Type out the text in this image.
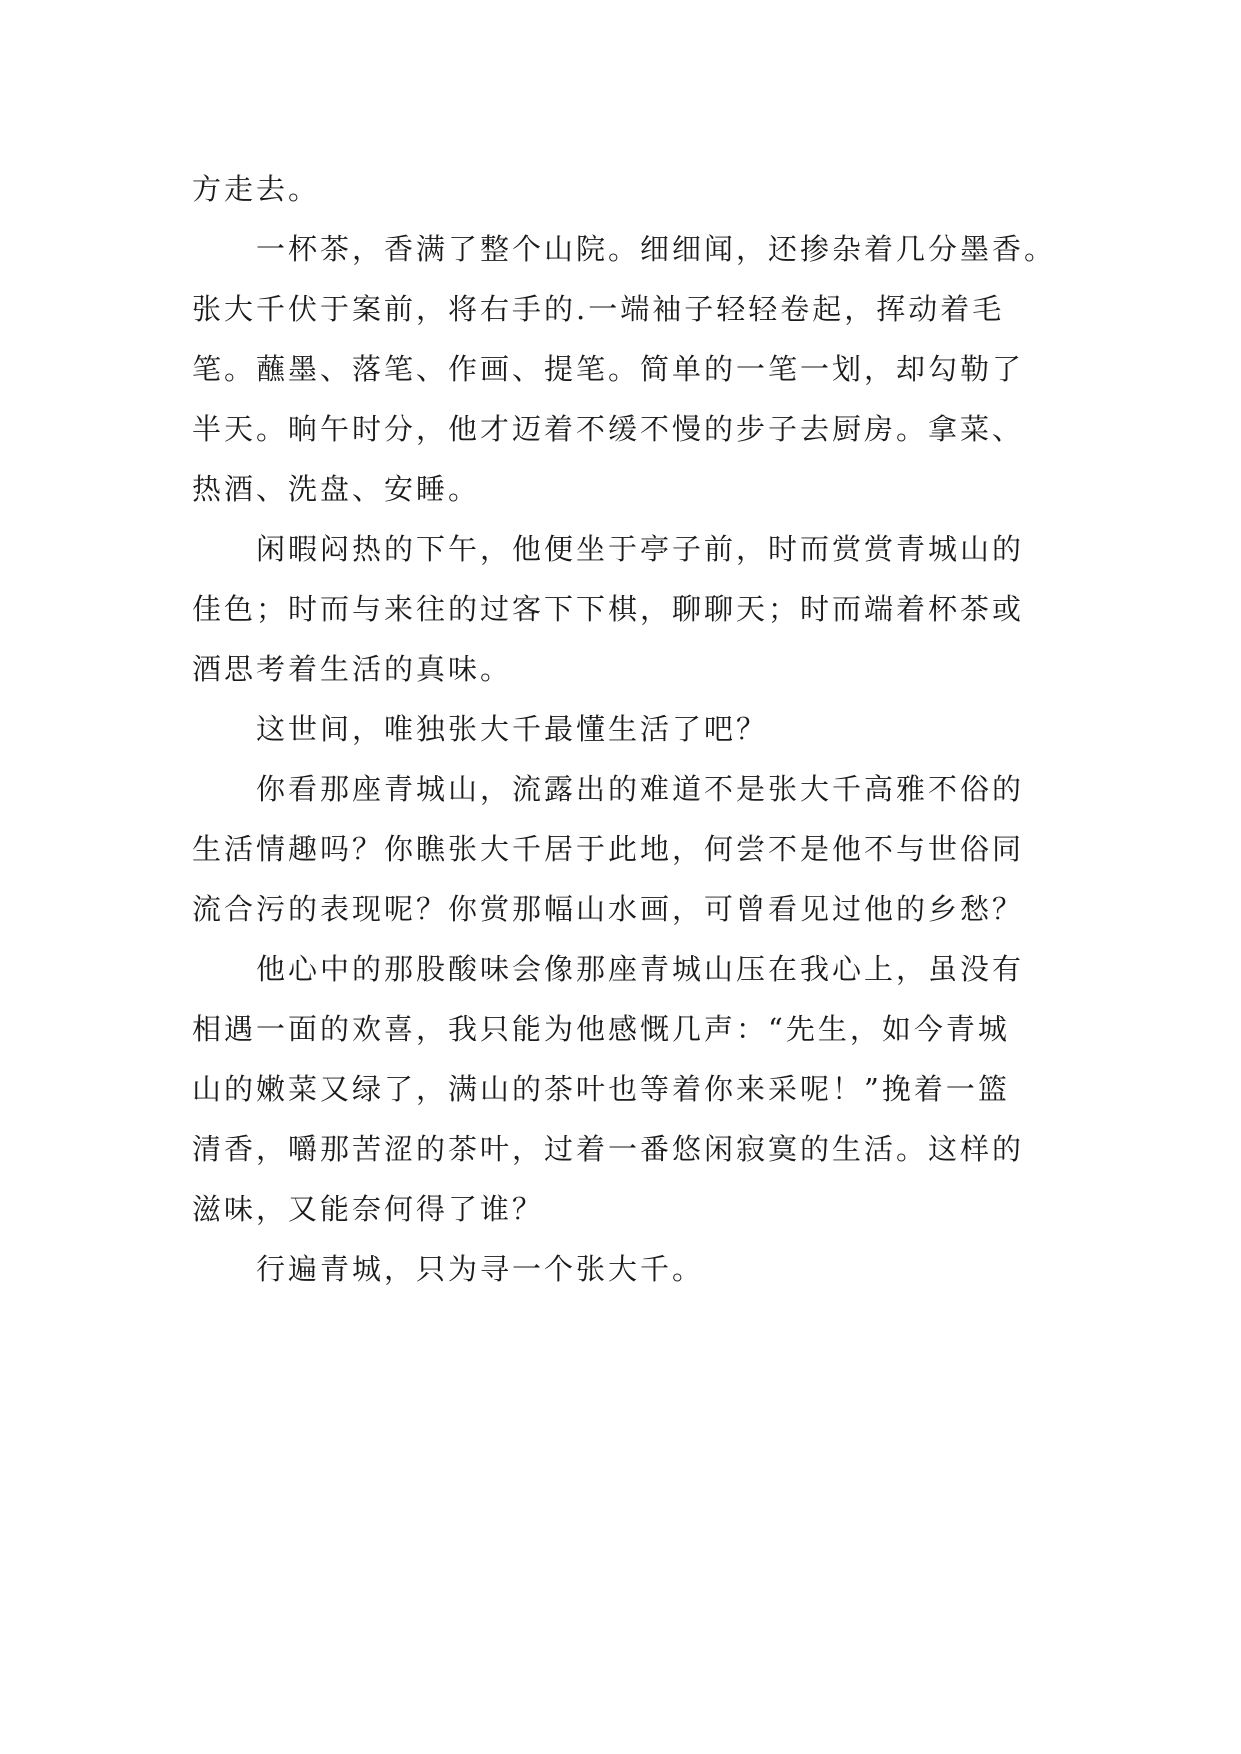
方走去。
一杯茶，香满了整个山院。细细闻，还掺杂着几分墨香。
张大千伏于案前，将右手的.一端袖子轻轻卷起，挥动着毛
笔。蘸墨、落笔、作画、提笔。简单的一笔一划，却勾勒了
半天。晌午时分，他才迈着不缓不慢的步子去厨房。拿菜、
热酒、洗盘、安睡。
闲暇闷热的下午，他便坐于亭子前，时而赏赏青城山的
佳色；时而与来往的过客下下棋，聊聊天；时而端着杯茶或
酒思考着生活的真味。
这世间，唯独张大千最懂生活了吧？
你看那座青城山，流露出的难道不是张大千高雅不俗的
生活情趣吗？你瞧张大千居于此地，何尝不是他不与世俗同
流合污的表现呢？你赏那幅山水画，可曾看见过他的乡愁？
他心中的那股酸味会像那座青城山压在我心上，虽没有
相遇一面的欢喜，我只能为他感慨几声：“先生，如今青城
山的嫩菜又绿了，满山的茶叶也等着你来采呢！”挽着一篮
清香，嚼那苦涩的茶叶，过着一番悠闲寂寞的生活。这样的
滋味，又能奈何得了谁？
行遍青城，只为寻一个张大千。
